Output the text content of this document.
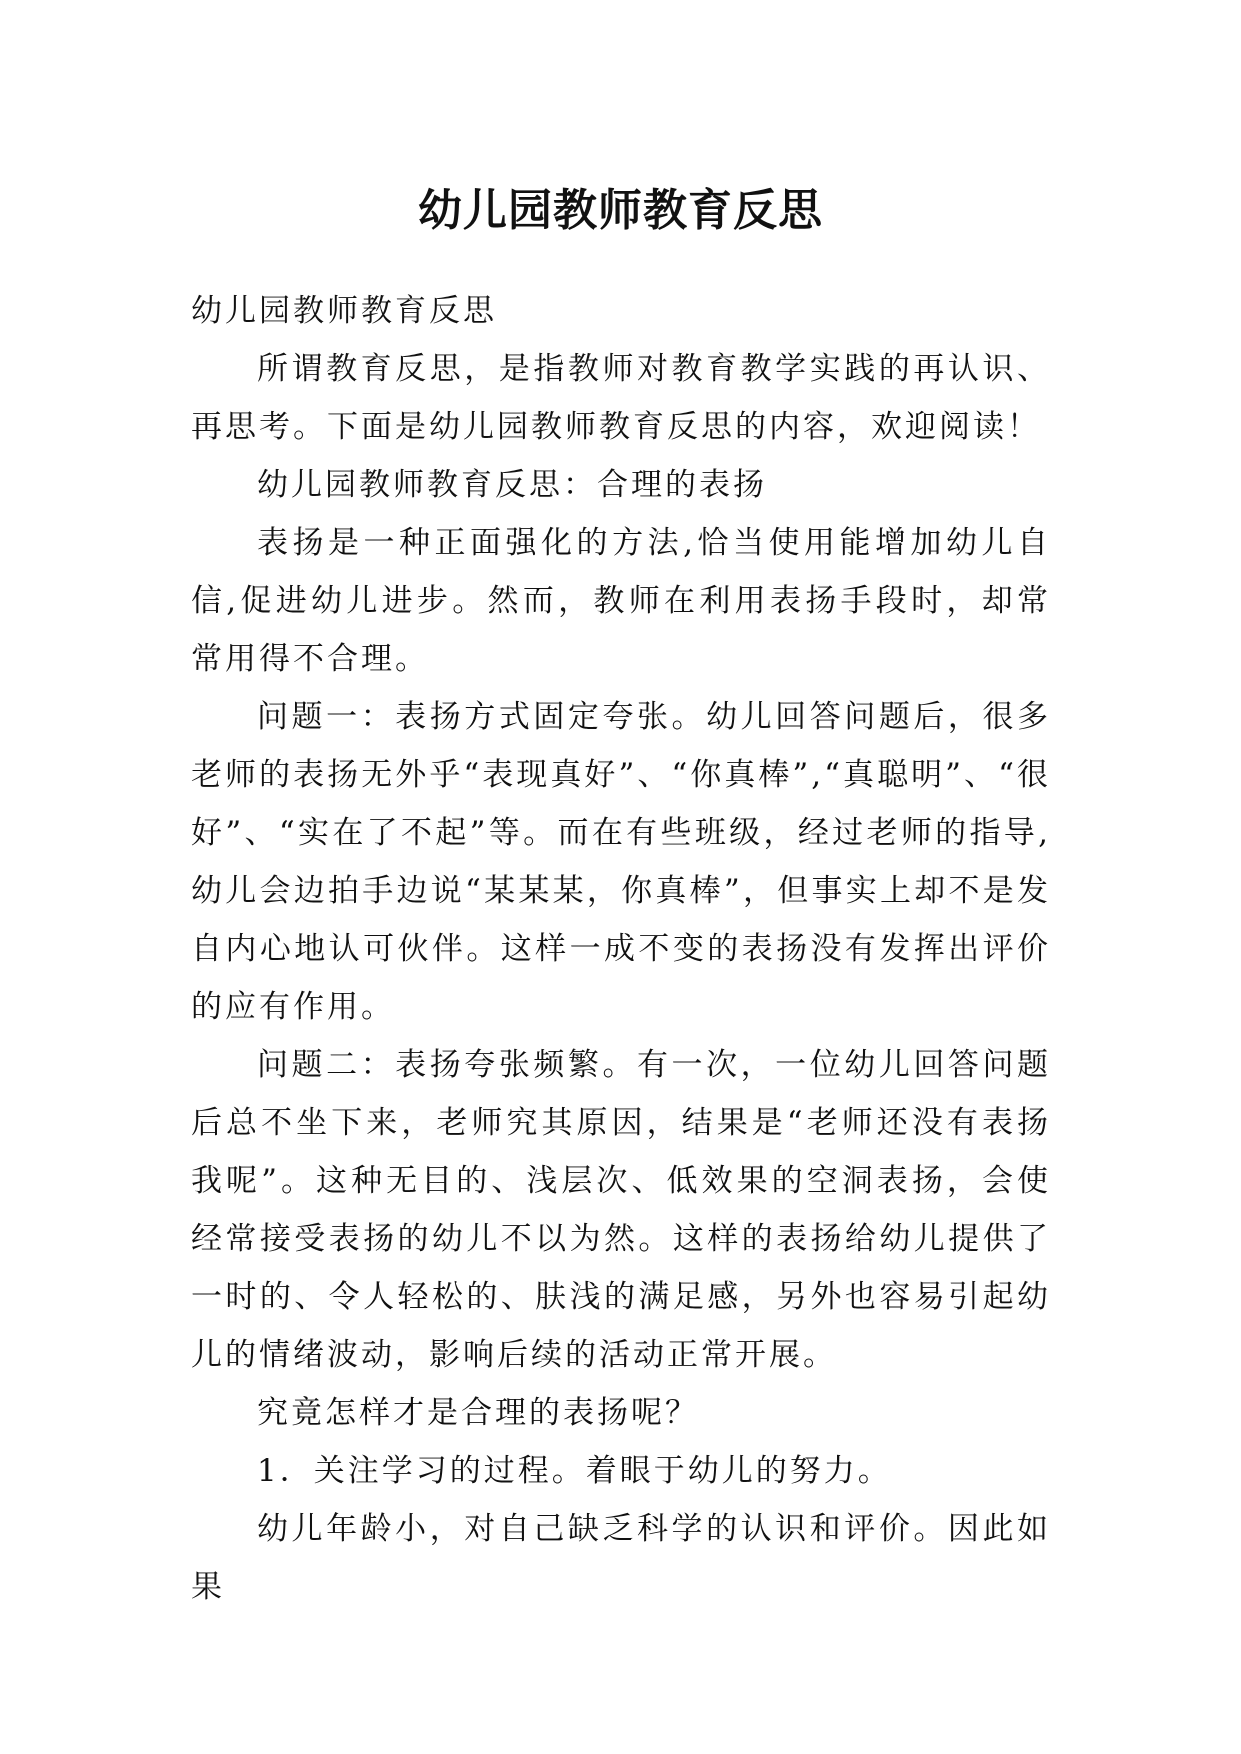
幼儿园教师教育反思

幼儿园教师教育反思

所谓教育反思，是指教师对教育教学实践的再认识、再思考。下面是幼儿园教师教育反思的内容，欢迎阅读！

幼儿园教师教育反思：合理的表扬

表扬是一种正面强化的方法,恰当使用能增加幼儿自信,促进幼儿进步。然而，教师在利用表扬手段时，却常常用得不合理。

问题一：表扬方式固定夸张。幼儿回答问题后，很多老师的表扬无外乎“表现真好”、“你真棒”,“真聪明”、“很好”、“实在了不起”等。而在有些班级，经过老师的指导,幼儿会边拍手边说“某某某，你真棒”，但事实上却不是发自内心地认可伙伴。这样一成不变的表扬没有发挥出评价的应有作用。

问题二：表扬夸张频繁。有一次，一位幼儿回答问题后总不坐下来，老师究其原因，结果是“老师还没有表扬我呢”。这种无目的、浅层次、低效果的空洞表扬，会使经常接受表扬的幼儿不以为然。这样的表扬给幼儿提供了一时的、令人轻松的、肤浅的满足感，另外也容易引起幼儿的情绪波动，影响后续的活动正常开展。

究竟怎样才是合理的表扬呢？

1．关注学习的过程。着眼于幼儿的努力。

幼儿年龄小，对自己缺乏科学的认识和评价。因此如果
